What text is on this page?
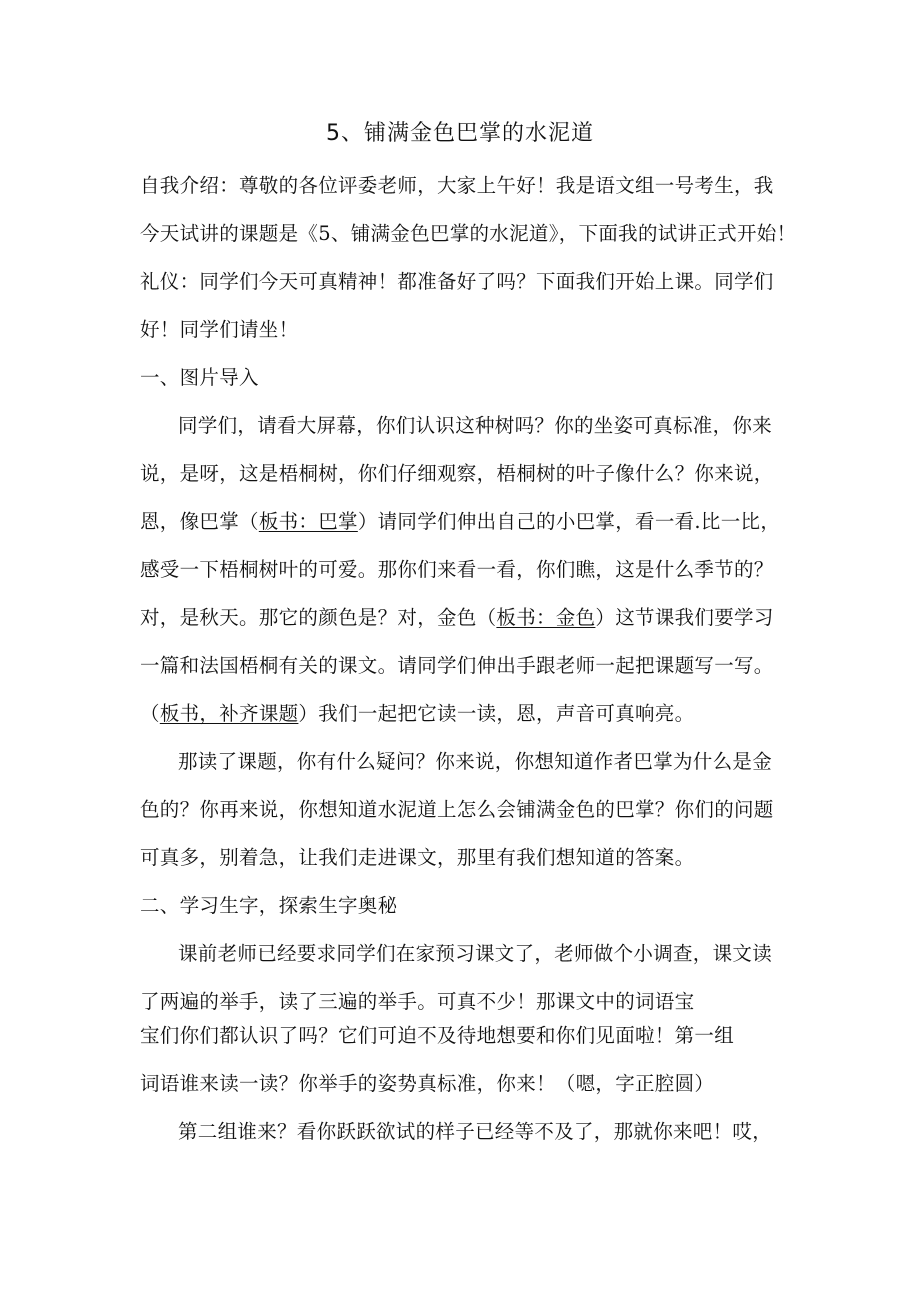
5、铺满金色巴掌的水泥道
自我介绍：尊敬的各位评委老师，大家上午好！我是语文组一号考生，我
今天试讲的课题是《5、铺满金色巴掌的水泥道》，下面我的试讲正式开始！
礼仪：同学们今天可真精神！都准备好了吗？下面我们开始上课。同学们
好！同学们请坐！
一、图片导入
同学们，请看大屏幕，你们认识这种树吗？你的坐姿可真标准，你来
说，是呀，这是梧桐树，你们仔细观察，梧桐树的叶子像什么？你来说，
恩，像巴掌（板书：巴掌）请同学们伸出自己的小巴掌，看一看.比一比，
感受一下梧桐树叶的可爱。那你们来看一看，你们瞧，这是什么季节的？
对，是秋天。那它的颜色是？对，金色（板书：金色）这节课我们要学习
一篇和法国梧桐有关的课文。请同学们伸出手跟老师一起把课题写一写。
（板书，补齐课题）我们一起把它读一读，恩，声音可真响亮。
那读了课题，你有什么疑问？你来说，你想知道作者巴掌为什么是金
色的？你再来说，你想知道水泥道上怎么会铺满金色的巴掌？你们的问题
可真多，别着急，让我们走进课文，那里有我们想知道的答案。
二、学习生字，探索生字奥秘
课前老师已经要求同学们在家预习课文了，老师做个小调查，课文读
了两遍的举手，读了三遍的举手。可真不少！那课文中的词语宝
宝们你们都认识了吗？它们可迫不及待地想要和你们见面啦！第一组
词语谁来读一读？你举手的姿势真标准，你来！（嗯，字正腔圆）
第二组谁来？看你跃跃欲试的样子已经等不及了，那就你来吧！哎，
